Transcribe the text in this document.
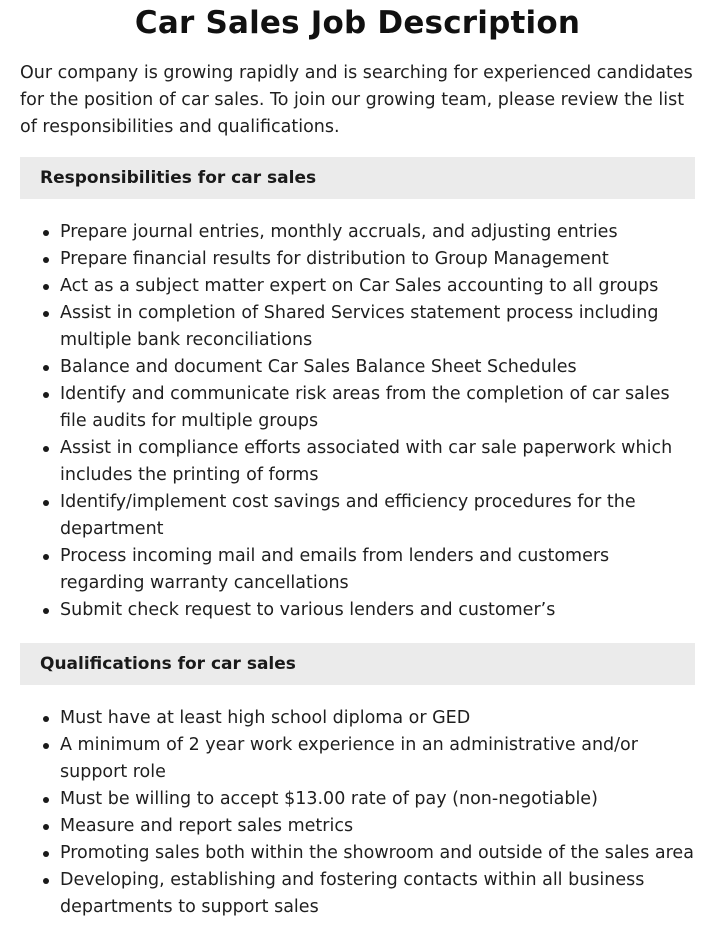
Car Sales Job Description

Our company is growing rapidly and is searching for experienced candidates for the position of car sales. To join our growing team, please review the list of responsibilities and qualifications.

Responsibilities for car sales
Prepare journal entries, monthly accruals, and adjusting entries
Prepare financial results for distribution to Group Management
Act as a subject matter expert on Car Sales accounting to all groups
Assist in completion of Shared Services statement process including multiple bank reconciliations
Balance and document Car Sales Balance Sheet Schedules
Identify and communicate risk areas from the completion of car sales file audits for multiple groups
Assist in compliance efforts associated with car sale paperwork which includes the printing of forms
Identify/implement cost savings and efficiency procedures for the department
Process incoming mail and emails from lenders and customers regarding warranty cancellations
Submit check request to various lenders and customer’s
Qualifications for car sales
Must have at least high school diploma or GED
A minimum of 2 year work experience in an administrative and/or support role
Must be willing to accept $13.00 rate of pay (non-negotiable)
Measure and report sales metrics
Promoting sales both within the showroom and outside of the sales area
Developing, establishing and fostering contacts within all business departments to support sales
